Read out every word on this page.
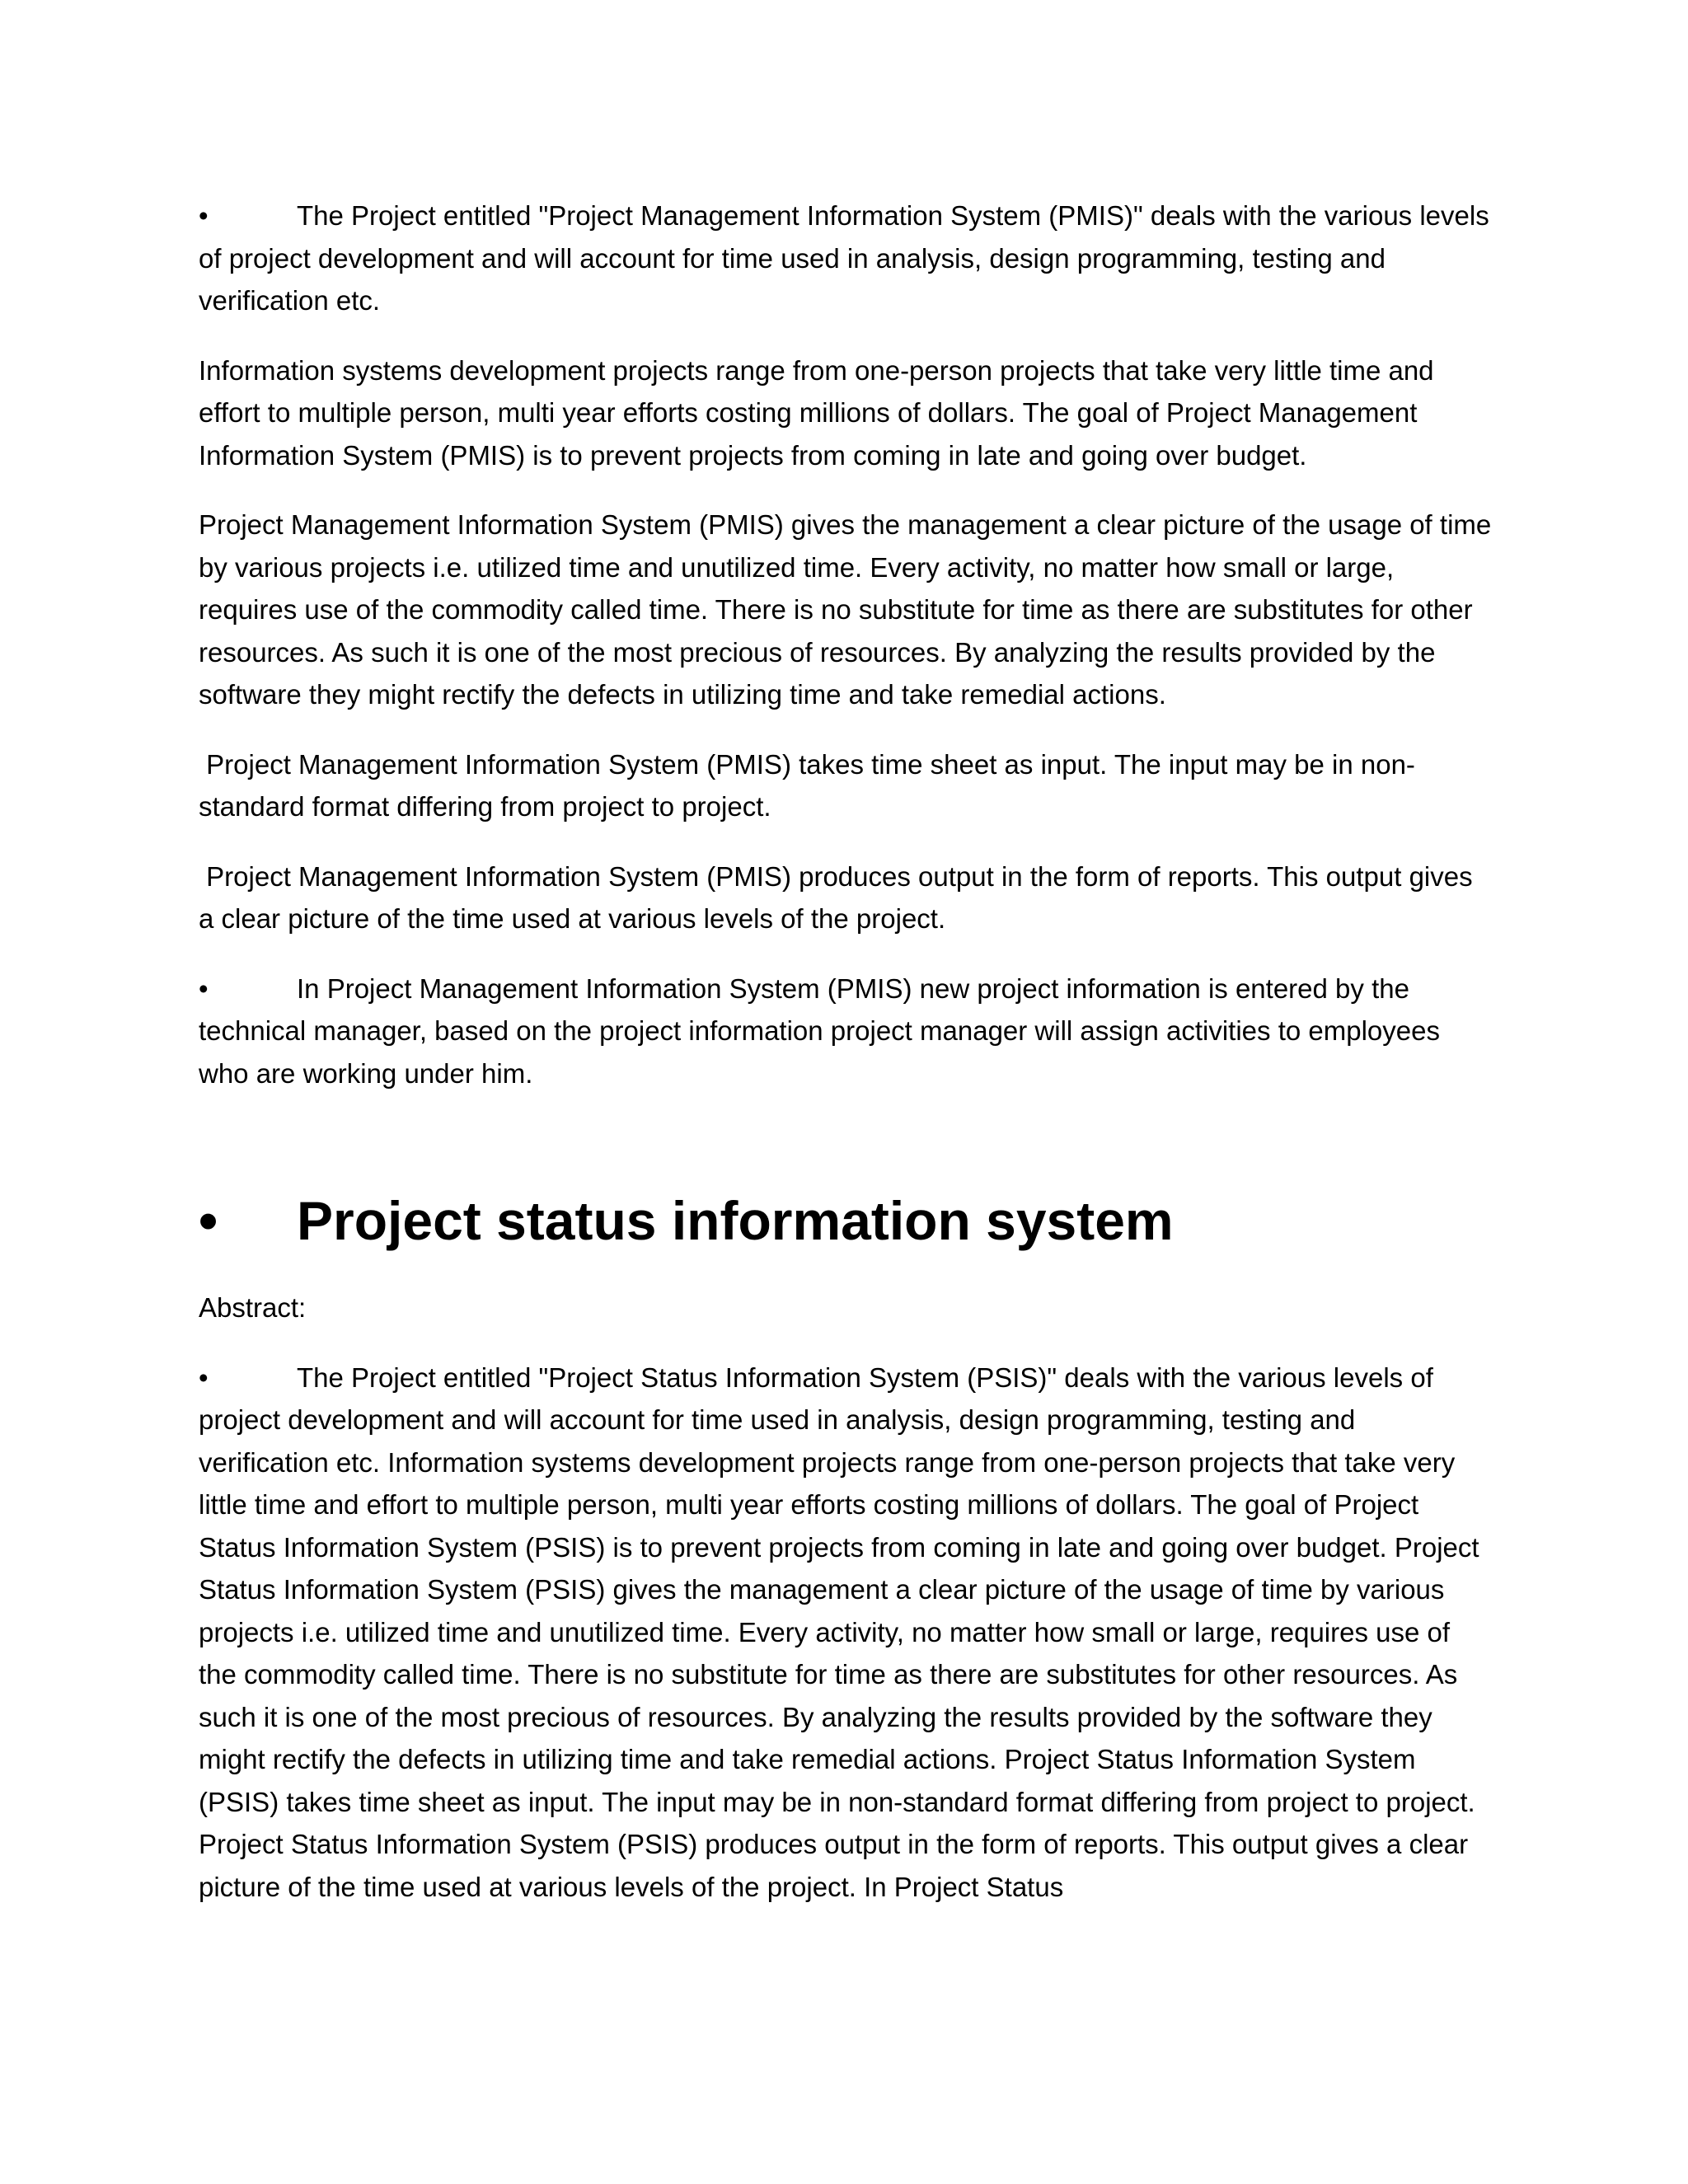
•	The Project entitled "Project Management Information System (PMIS)" deals with the various levels of project development and will account for time used in analysis, design programming, testing and verification etc.

Information systems development projects range from one-person projects that take very little time and effort to multiple person, multi year efforts costing millions of dollars. The goal of Project Management Information System (PMIS) is to prevent projects from coming in late and going over budget.

Project Management Information System (PMIS) gives the management a clear picture of the usage of time by various projects i.e. utilized time and unutilized time. Every activity, no matter how small or large, requires use of the commodity called time. There is no substitute for time as there are substitutes for other resources. As such it is one of the most precious of resources. By analyzing the results provided by the software they might rectify the defects in utilizing time and take remedial actions.

Project Management Information System (PMIS) takes time sheet as input. The input may be in non-standard format differing from project to project.

Project Management Information System (PMIS) produces output in the form of reports. This output gives a clear picture of the time used at various levels of the project.

•	In Project Management Information System (PMIS) new project information is entered by the technical manager, based on the project information project manager will assign activities to employees who are working under him.

•	Project status information system

Abstract:

•	The Project entitled "Project Status Information System (PSIS)" deals with the various levels of project development and will account for time used in analysis, design programming, testing and verification etc. Information systems development projects range from one-person projects that take very little time and effort to multiple person, multi year efforts costing millions of dollars. The goal of Project Status Information System (PSIS) is to prevent projects from coming in late and going over budget. Project Status Information System (PSIS) gives the management a clear picture of the usage of time by various projects i.e. utilized time and unutilized time. Every activity, no matter how small or large, requires use of the commodity called time. There is no substitute for time as there are substitutes for other resources. As such it is one of the most precious of resources. By analyzing the results provided by the software they might rectify the defects in utilizing time and take remedial actions. Project Status Information System (PSIS) takes time sheet as input. The input may be in non-standard format differing from project to project. Project Status Information System (PSIS) produces output in the form of reports. This output gives a clear picture of the time used at various levels of the project. In Project Status
